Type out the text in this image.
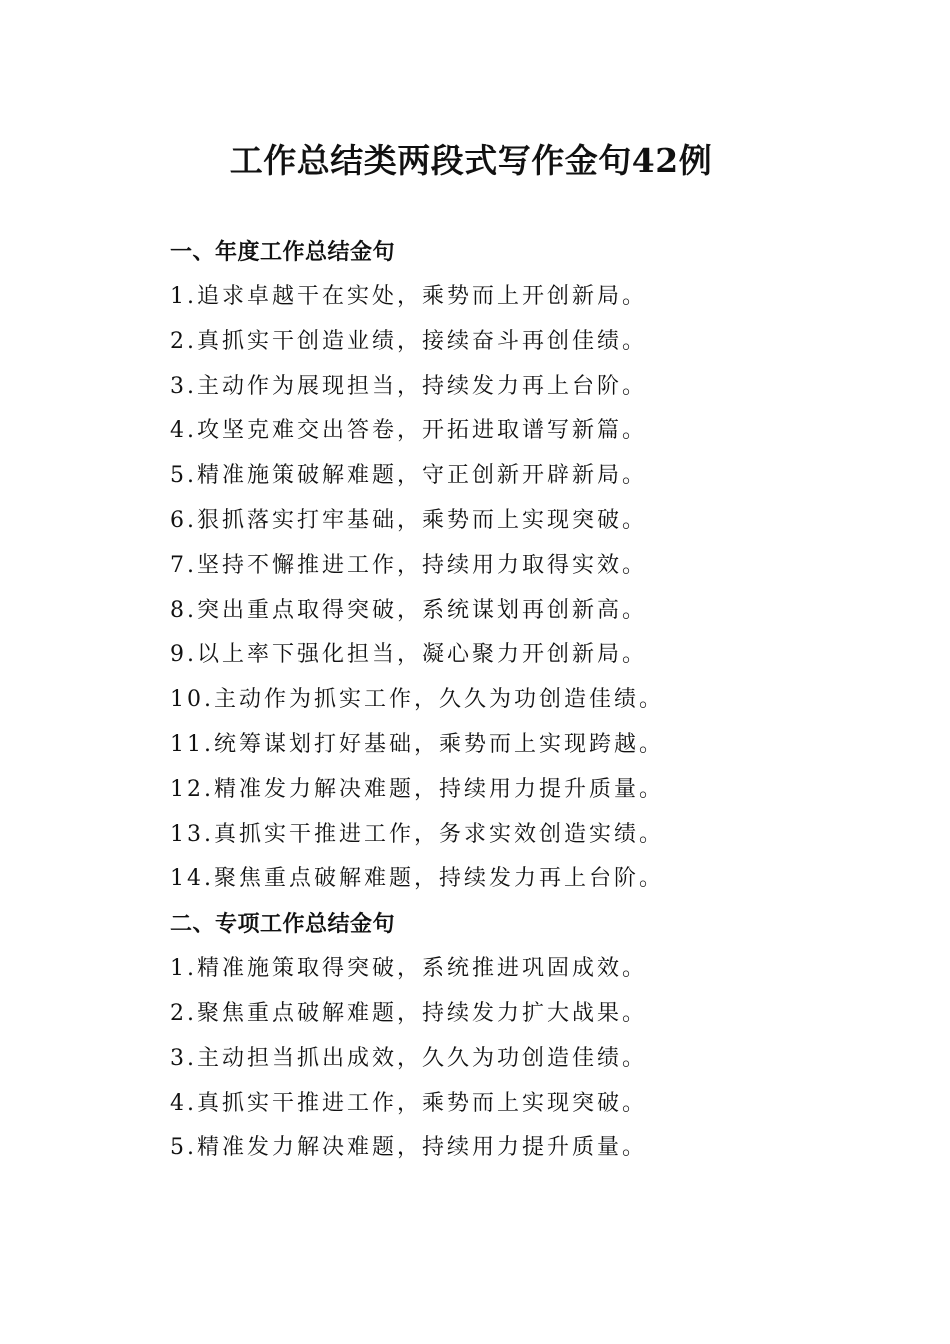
工作总结类两段式写作金句42例

一、年度工作总结金句

1.追求卓越干在实处，乘势而上开创新局。

2.真抓实干创造业绩，接续奋斗再创佳绩。

3.主动作为展现担当，持续发力再上台阶。

4.攻坚克难交出答卷，开拓进取谱写新篇。

5.精准施策破解难题，守正创新开辟新局。

6.狠抓落实打牢基础，乘势而上实现突破。

7.坚持不懈推进工作，持续用力取得实效。

8.突出重点取得突破，系统谋划再创新高。

9.以上率下强化担当，凝心聚力开创新局。

10.主动作为抓实工作，久久为功创造佳绩。

11.统筹谋划打好基础，乘势而上实现跨越。

12.精准发力解决难题，持续用力提升质量。

13.真抓实干推进工作，务求实效创造实绩。

14.聚焦重点破解难题，持续发力再上台阶。

二、专项工作总结金句

1.精准施策取得突破，系统推进巩固成效。

2.聚焦重点破解难题，持续发力扩大战果。

3.主动担当抓出成效，久久为功创造佳绩。

4.真抓实干推进工作，乘势而上实现突破。

5.精准发力解决难题，持续用力提升质量。
